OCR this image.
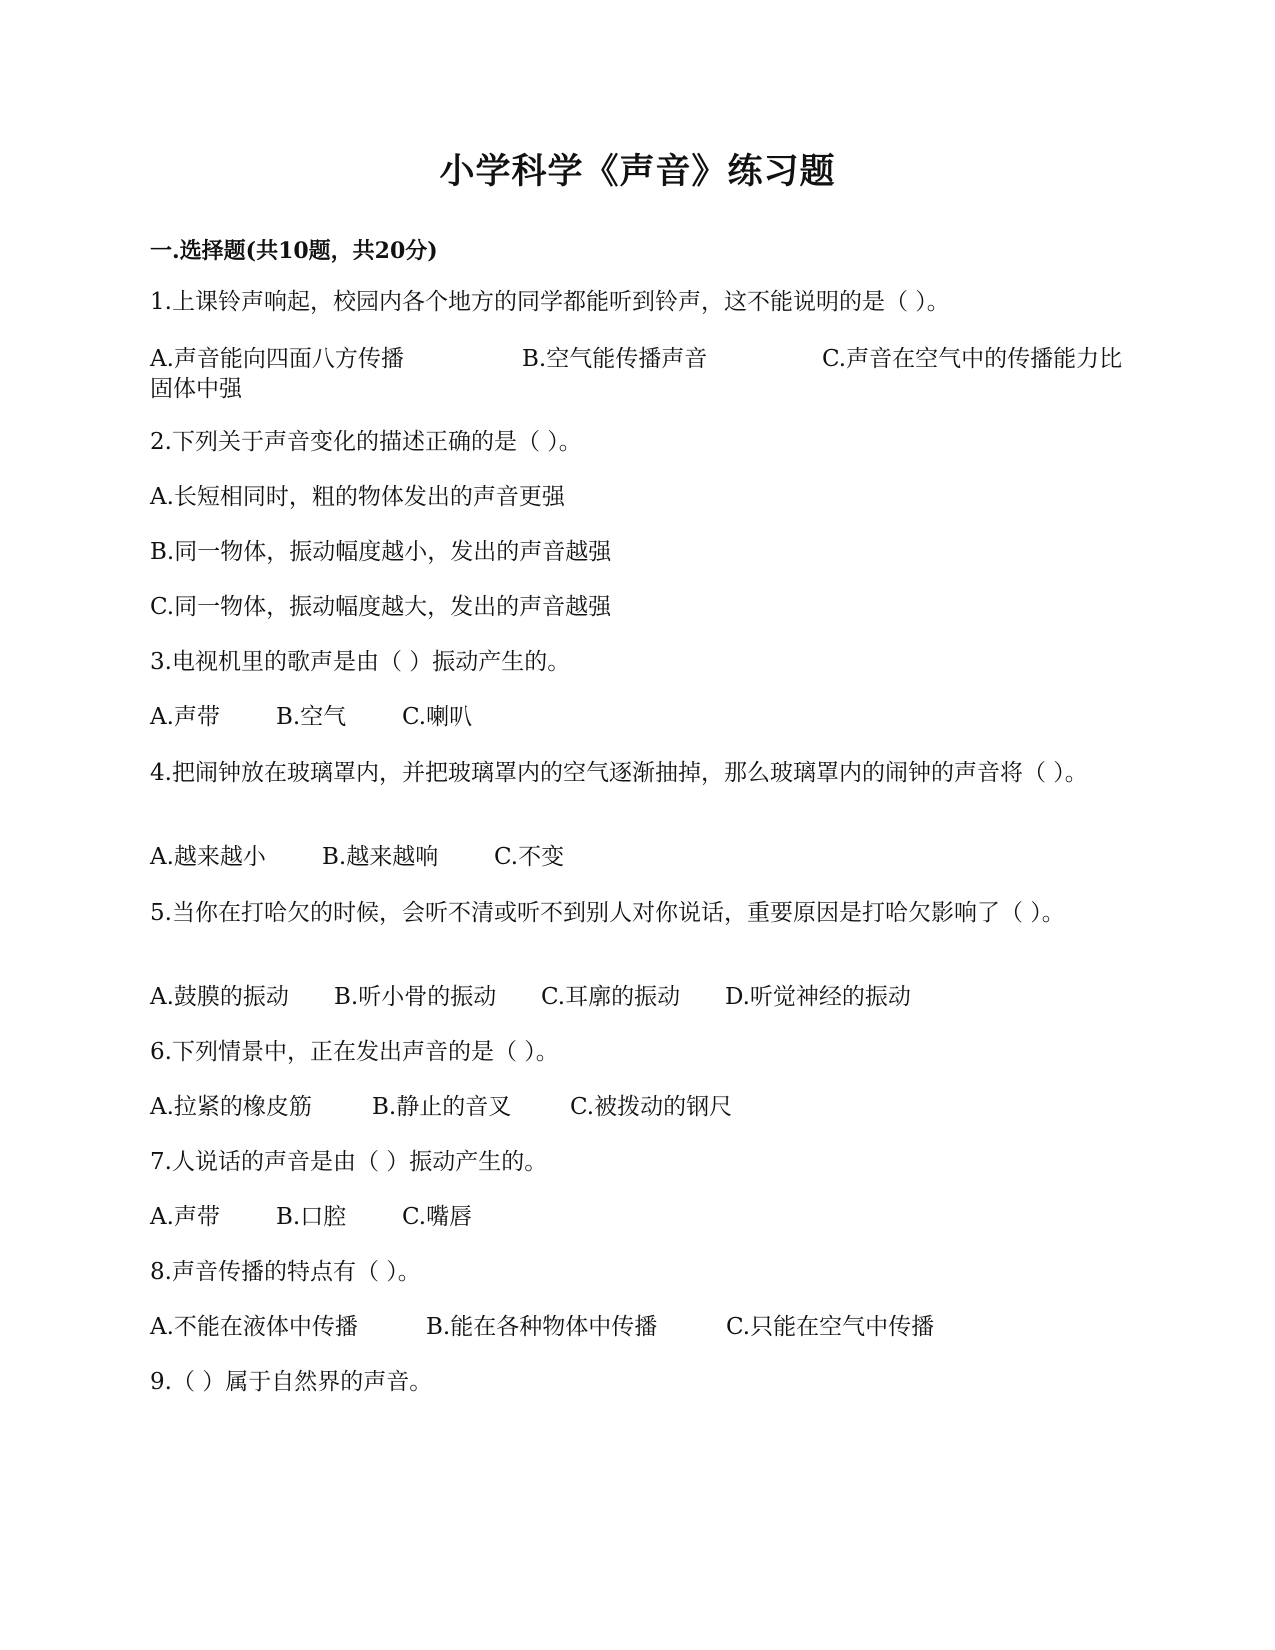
小学科学《声音》练习题
一.选择题(共10题，共20分)
1.上课铃声响起，校园内各个地方的同学都能听到铃声，这不能说明的是（ ）。
A.声音能向四面八方传播	B.空气能传播声音	C.声音在空气中的传播能力比固体中强
2.下列关于声音变化的描述正确的是（ ）。
A.长短相同时，粗的物体发出的声音更强
B.同一物体，振动幅度越小，发出的声音越强
C.同一物体，振动幅度越大，发出的声音越强
3.电视机里的歌声是由（ ）振动产生的。
A.声带 B.空气 C.喇叭
4.把闹钟放在玻璃罩内，并把玻璃罩内的空气逐渐抽掉，那么玻璃罩内的闹钟的声音将（ ）。
A.越来越小 B.越来越响 C.不变
5.当你在打哈欠的时候，会听不清或听不到别人对你说话，重要原因是打哈欠影响了（ ）。
A.鼓膜的振动 B.听小骨的振动 C.耳廓的振动 D.听觉神经的振动
6.下列情景中，正在发出声音的是（ ）。
A.拉紧的橡皮筋	B.静止的音叉	C.被拨动的钢尺
7.人说话的声音是由（ ）振动产生的。
A.声带 B.口腔 C.嘴唇
8.声音传播的特点有（ ）。
A.不能在液体中传播	B.能在各种物体中传播	C.只能在空气中传播
9.（ ）属于自然界的声音。
